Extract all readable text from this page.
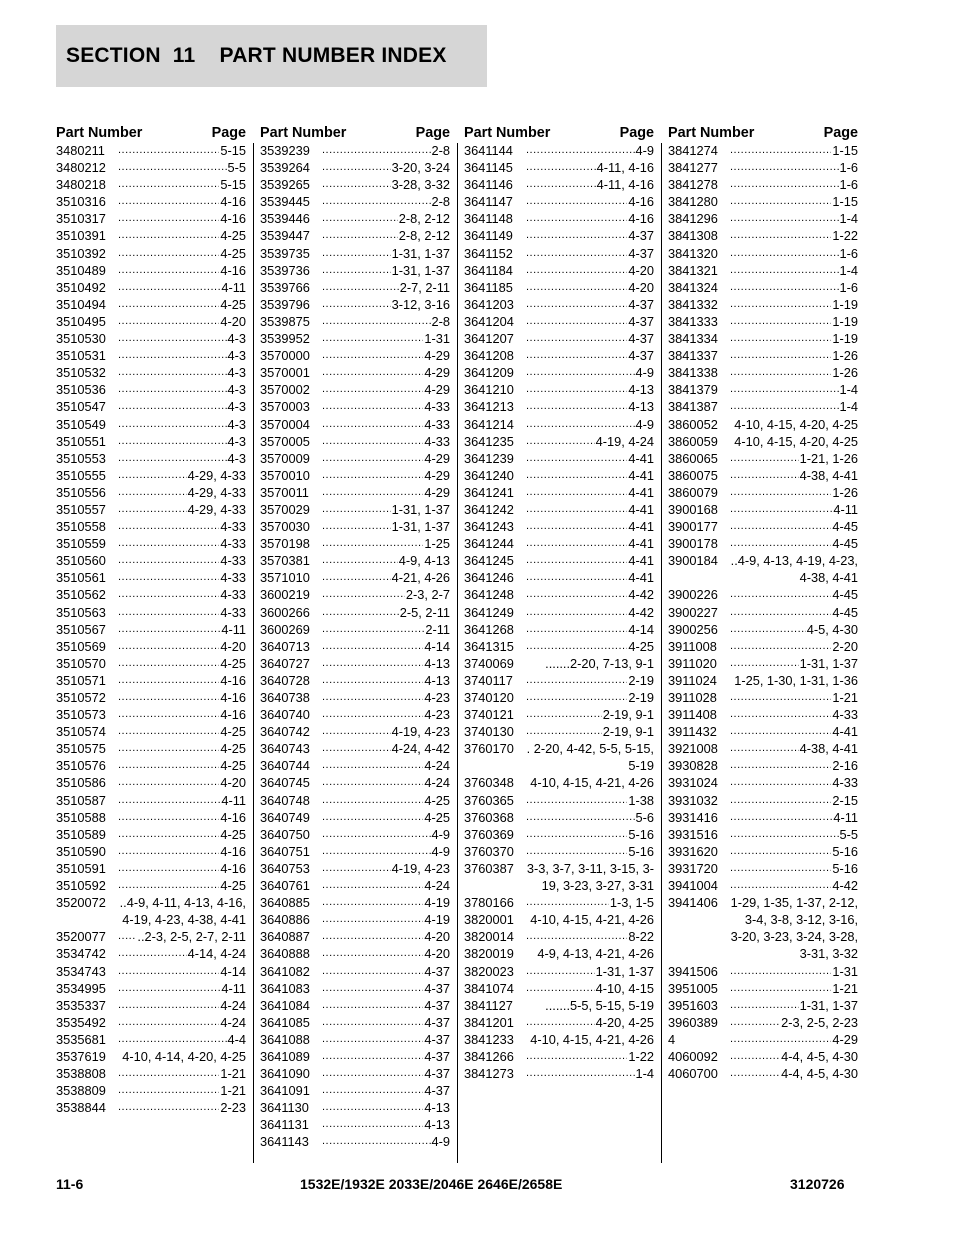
SECTION  11    PART NUMBER INDEX
Part Number	Page
3480211 .....	5-15
3480212 .....	5-5
3480218 .....	5-15
3510316 .....	4-16
3510317 .....	4-16
3510391 .....	4-25
3510392 .....	4-25
3510489 .....	4-16
3510492 .....	4-11
3510494 .....	4-25
3510495 .....	4-20
3510530 .....	4-3
3510531 .....	4-3
3510532 .....	4-3
3510536 .....	4-3
3510547 .....	4-3
3510549 .....	4-3
3510551 .....	4-3
3510553 .....	4-3
3510555 .....	4-29, 4-33
3510556 .....	4-29, 4-33
3510557 .....	4-29, 4-33
3510558 .....	4-33
3510559 .....	4-33
3510560 .....	4-33
3510561 .....	4-33
3510562 .....	4-33
3510563 .....	4-33
3510567 .....	4-11
3510569 .....	4-20
3510570 .....	4-25
3510571 .....	4-16
3510572 .....	4-16
3510573 .....	4-16
3510574 .....	4-25
3510575 .....	4-25
3510576 .....	4-25
3510586 .....	4-20
3510587 .....	4-11
3510588 .....	4-16
3510589 .....	4-25
3510590 .....	4-16
3510591 .....	4-16
3510592 .....	4-25
3520072	..4-9, 4-11, 4-13, 4-16, 4-19, 4-23, 4-38, 4-41
3520077 .....	..2-3, 2-5, 2-7, 2-11
3534742 .....	4-14, 4-24
3534743 .....	4-14
3534995 .....	4-11
3535337 .....	4-24
3535492 .....	4-24
3535681 .....	4-4
3537619	4-10, 4-14, 4-20, 4-25
3538808 .....	1-21
3538809 .....	1-21
3538844 .....	2-23
Part Number	Page
3539239 .....	2-8
3539264 .....	3-20, 3-24
3539265 .....	3-28, 3-32
3539445 .....	2-8
3539446 .....	2-8, 2-12
3539447 .....	2-8, 2-12
3539735 .....	1-31, 1-37
3539736 .....	1-31, 1-37
3539766 .....	2-7, 2-11
3539796 .....	3-12, 3-16
3539875 .....	2-8
3539952 .....	1-31
3570000 .....	4-29
3570001 .....	4-29
3570002 .....	4-29
3570003 .....	4-33
3570004 .....	4-33
3570005 .....	4-33
3570009 .....	4-29
3570010 .....	4-29
3570011 .....	4-29
3570029 .....	1-31, 1-37
3570030 .....	1-31, 1-37
3570198 .....	1-25
3570381 .....	4-9, 4-13
3571010 .....	4-21, 4-26
3600219 .....	2-3, 2-7
3600266 .....	2-5, 2-11
3600269 .....	2-11
3640713 .....	4-14
3640727 .....	4-13
3640728 .....	4-13
3640738 .....	4-23
3640740 .....	4-23
3640742 .....	4-19, 4-23
3640743 .....	4-24, 4-42
3640744 .....	4-24
3640745 .....	4-24
3640748 .....	4-25
3640749 .....	4-25
3640750 .....	4-9
3640751 .....	4-9
3640753 .....	4-19, 4-23
3640761 .....	4-24
3640885 .....	4-19
3640886 .....	4-19
3640887 .....	4-20
3640888 .....	4-20
3641082 .....	4-37
3641083 .....	4-37
3641084 .....	4-37
3641085 .....	4-37
3641088 .....	4-37
3641089 .....	4-37
3641090 .....	4-37
3641091 .....	4-37
3641130 .....	4-13
3641131 .....	4-13
3641143 .....	4-9
Part Number	Page
3641144 .....	4-9
3641145 .....	4-11, 4-16
3641146 .....	4-11, 4-16
3641147 .....	4-16
3641148 .....	4-16
3641149 .....	4-37
3641152 .....	4-37
3641184 .....	4-20
3641185 .....	4-20
3641203 .....	4-37
3641204 .....	4-37
3641207 .....	4-37
3641208 .....	4-37
3641209 .....	4-9
3641210 .....	4-13
3641213 .....	4-13
3641214 .....	4-9
3641235 .....	4-19, 4-24
3641239 .....	4-41
3641240 .....	4-41
3641241 .....	4-41
3641242 .....	4-41
3641243 .....	4-41
3641244 .....	4-41
3641245 .....	4-41
3641246 .....	4-41
3641248 .....	4-42
3641249 .....	4-42
3641268 .....	4-14
3641315 .....	4-25
3740069	.......2-20, 7-13, 9-1
3740117 .....	2-19
3740120 .....	2-19
3740121 .....	2-19, 9-1
3740130 .....	2-19, 9-1
3760170	. 2-20, 4-42, 5-5, 5-15, 5-19
3760348	4-10, 4-15, 4-21, 4-26
3760365 .....	1-38
3760368 .....	5-6
3760369 .....	5-16
3760370 .....	5-16
3760387	3-3, 3-7, 3-11, 3-15, 3-19, 3-23, 3-27, 3-31
3780166 .....	1-3, 1-5
3820001	4-10, 4-15, 4-21, 4-26
3820014 .....	8-22
3820019	4-9, 4-13, 4-21, 4-26
3820023 .....	1-31, 1-37
3841074 .....	4-10, 4-15
3841127	.......5-5, 5-15, 5-19
3841201 .....	4-20, 4-25
3841233	4-10, 4-15, 4-21, 4-26
3841266 .....	1-22
3841273 .....	1-4
Part Number	Page
3841274 .....	1-15
3841277 .....	1-6
3841278 .....	1-6
3841280 .....	1-15
3841296 .....	1-4
3841308 .....	1-22
3841320 .....	1-6
3841321 .....	1-4
3841324 .....	1-6
3841332 .....	1-19
3841333 .....	1-19
3841334 .....	1-19
3841337 .....	1-26
3841338 .....	1-26
3841379 .....	1-4
3841387 .....	1-4
3860052	4-10, 4-15, 4-20, 4-25
3860059	4-10, 4-15, 4-20, 4-25
3860065 .....	1-21, 1-26
3860075 .....	4-38, 4-41
3860079 .....	1-26
3900168 .....	4-11
3900177 .....	4-45
3900178 .....	4-45
3900184	..4-9, 4-13, 4-19, 4-23, 4-38, 4-41
3900226 .....	4-45
3900227 .....	4-45
3900256 .....	4-5, 4-30
3911008 .....	2-20
3911020 .....	1-31, 1-37
3911024	1-25, 1-30, 1-31, 1-36
3911028 .....	1-21
3911408 .....	4-33
3911432 .....	4-41
3921008 .....	4-38, 4-41
3930828 .....	2-16
3931024 .....	4-33
3931032 .....	2-15
3931416 .....	4-11
3931516 .....	5-5
3931620 .....	5-16
3931720 .....	5-16
3941004 .....	4-42
3941406	1-29, 1-35, 1-37, 2-12, 3-4, 3-8, 3-12, 3-16, 3-20, 3-23, 3-24, 3-28, 3-31, 3-32
3941506 .....	1-31
3951005 .....	1-21
3951603 .....	1-31, 1-37
3960389 .....	2-3, 2-5, 2-23
4 .....	4-29
4060092 .....	4-4, 4-5, 4-30
4060700 .....	4-4, 4-5, 4-30
11-6	1532E/1932E 2033E/2046E 2646E/2658E	3120726
